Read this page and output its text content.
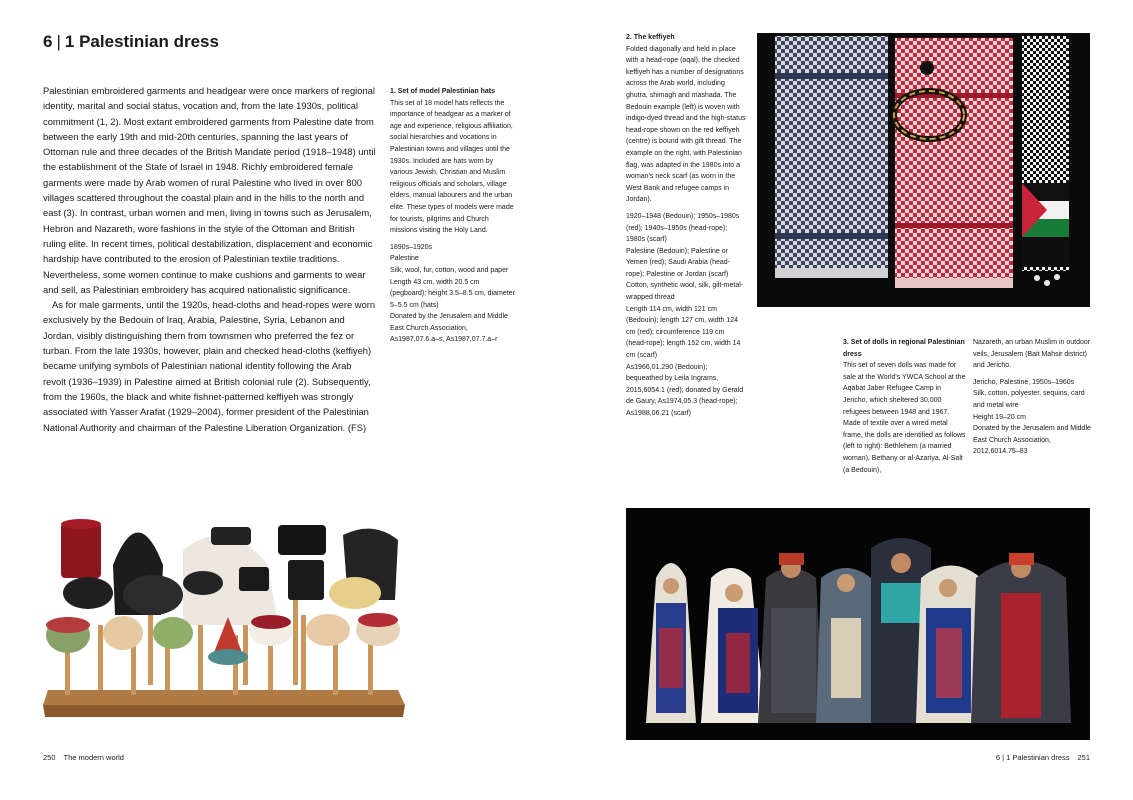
6 | 1 Palestinian dress

Palestinian embroidered garments and headgear were once markers of regional identity, marital and social status, vocation and, from the late 1930s, political commitment (1, 2). Most extant embroidered garments from Palestine date from between the early 19th and mid-20th centuries, spanning the last years of Ottoman rule and three decades of the British Mandate period (1918–1948) until the establishment of the State of Israel in 1948. Richly embroidered female garments were made by Arab women of rural Palestine who lived in over 800 villages scattered throughout the coastal plain and in the hills to the north and east (3). In contrast, urban women and men, living in towns such as Jerusalem, Hebron and Nazareth, wore fashions in the style of the Ottoman and British ruling elite. In recent times, political destabilization, displacement and economic hardship have contributed to the erosion of Palestinian textile traditions. Nevertheless, some women continue to make cushions and garments to wear and sell, as Palestinian embroidery has acquired nationalistic significance.

As for male garments, until the 1920s, head-cloths and head-ropes were worn exclusively by the Bedouin of Iraq, Arabia, Palestine, Syria, Lebanon and Jordan, visibly distinguishing them from townsmen who preferred the fez or turban. From the late 1930s, however, plain and checked head-cloths (keffiyeh) became unifying symbols of Palestinian national identity following the Arab revolt (1936–1939) in Palestine aimed at British colonial rule (2). Subsequently, from the 1960s, the black and white fishnet-patterned keffiyeh was strongly associated with Yasser Arafat (1929–2004), former president of the Palestinian National Authority and chairman of the Palestine Liberation Organization. (FS)

1. Set of model Palestinian hats

This set of 18 model hats reflects the importance of headgear as a marker of age and experience, religious affiliation, social hierarchies and vocations in Palestinian towns and villages until the 1930s. Included are hats worn by various Jewish, Christian and Muslim religious officials and scholars, village elders, manual labourers and the urban elite. These types of models were made for tourists, pilgrims and Church missions visiting the Holy Land.

1890s–1920s

Palestine

Silk, wool, fur, cotton, wood and paper
Length 43 cm, width 20.5 cm (pegboard); height 3.5–8.5 cm, diameter 5–5.5 cm (hats)
Donated by the Jerusalem and Middle East Church Association, As1987,07.6.a–s, As1987,07.7.a–r

250 The modern world

2. The keffiyeh

Folded diagonally and held in place with a head-rope (aqal), the checked keffiyeh has a number of designations across the Arab world, including ghutra, shimagh and mashada. The Bedouin example (left) is woven with indigo-dyed thread and the high-status head-rope shown on the red keffiyeh (centre) is bound with gilt thread. The example on the right, with Palestinian flag, was adapted in the 1980s into a woman's neck scarf (as worn in the West Bank and refugee camps in Jordan).

1920–1948 (Bedouin); 1950s–1980s (red); 1940s–1950s (head-rope); 1980s (scarf)
Palestine (Bedouin); Palestine or Yemen (red); Saudi Arabia (head-rope); Palestine or Jordan (scarf)
Cotton, synthetic wool, silk, gilt-metal-wrapped thread
Length 114 cm, width 121 cm (Bedouin); length 127 cm, width 124 cm (red); circumference 119 cm (head-rope); length 152 cm, width 14 cm (scarf)
As1966,01.290 (Bedouin); bequeathed by Leila Ingrams, 2015,6054.1 (red); donated by Gerald de Gaury, As1974,05.3 (head-rope); As1988,06.21 (scarf)

3. Set of dolls in regional Palestinian dress

This set of seven dolls was made for sale at the World's YWCA School at the Aqabat Jaber Refugee Camp in Jericho, which sheltered 30,000 refugees between 1948 and 1967. Made of textile over a wired metal frame, the dolls are identified as follows (left to right): Bethlehem (a married woman), Bethany or al-Azariya, Al-Salt (a Bedouin),

Nazareth, an urban Muslim in outdoor veils, Jerusalem (Bait Mahsir district) and Jericho.

Jericho, Palestine, 1950s–1960s
Silk, cotton, polyester, sequins, card and metal wire
Height 19–20 cm
Donated by the Jerusalem and Middle East Church Association, 2012,6014.75–83

6 | 1 Palestinian dress 251
